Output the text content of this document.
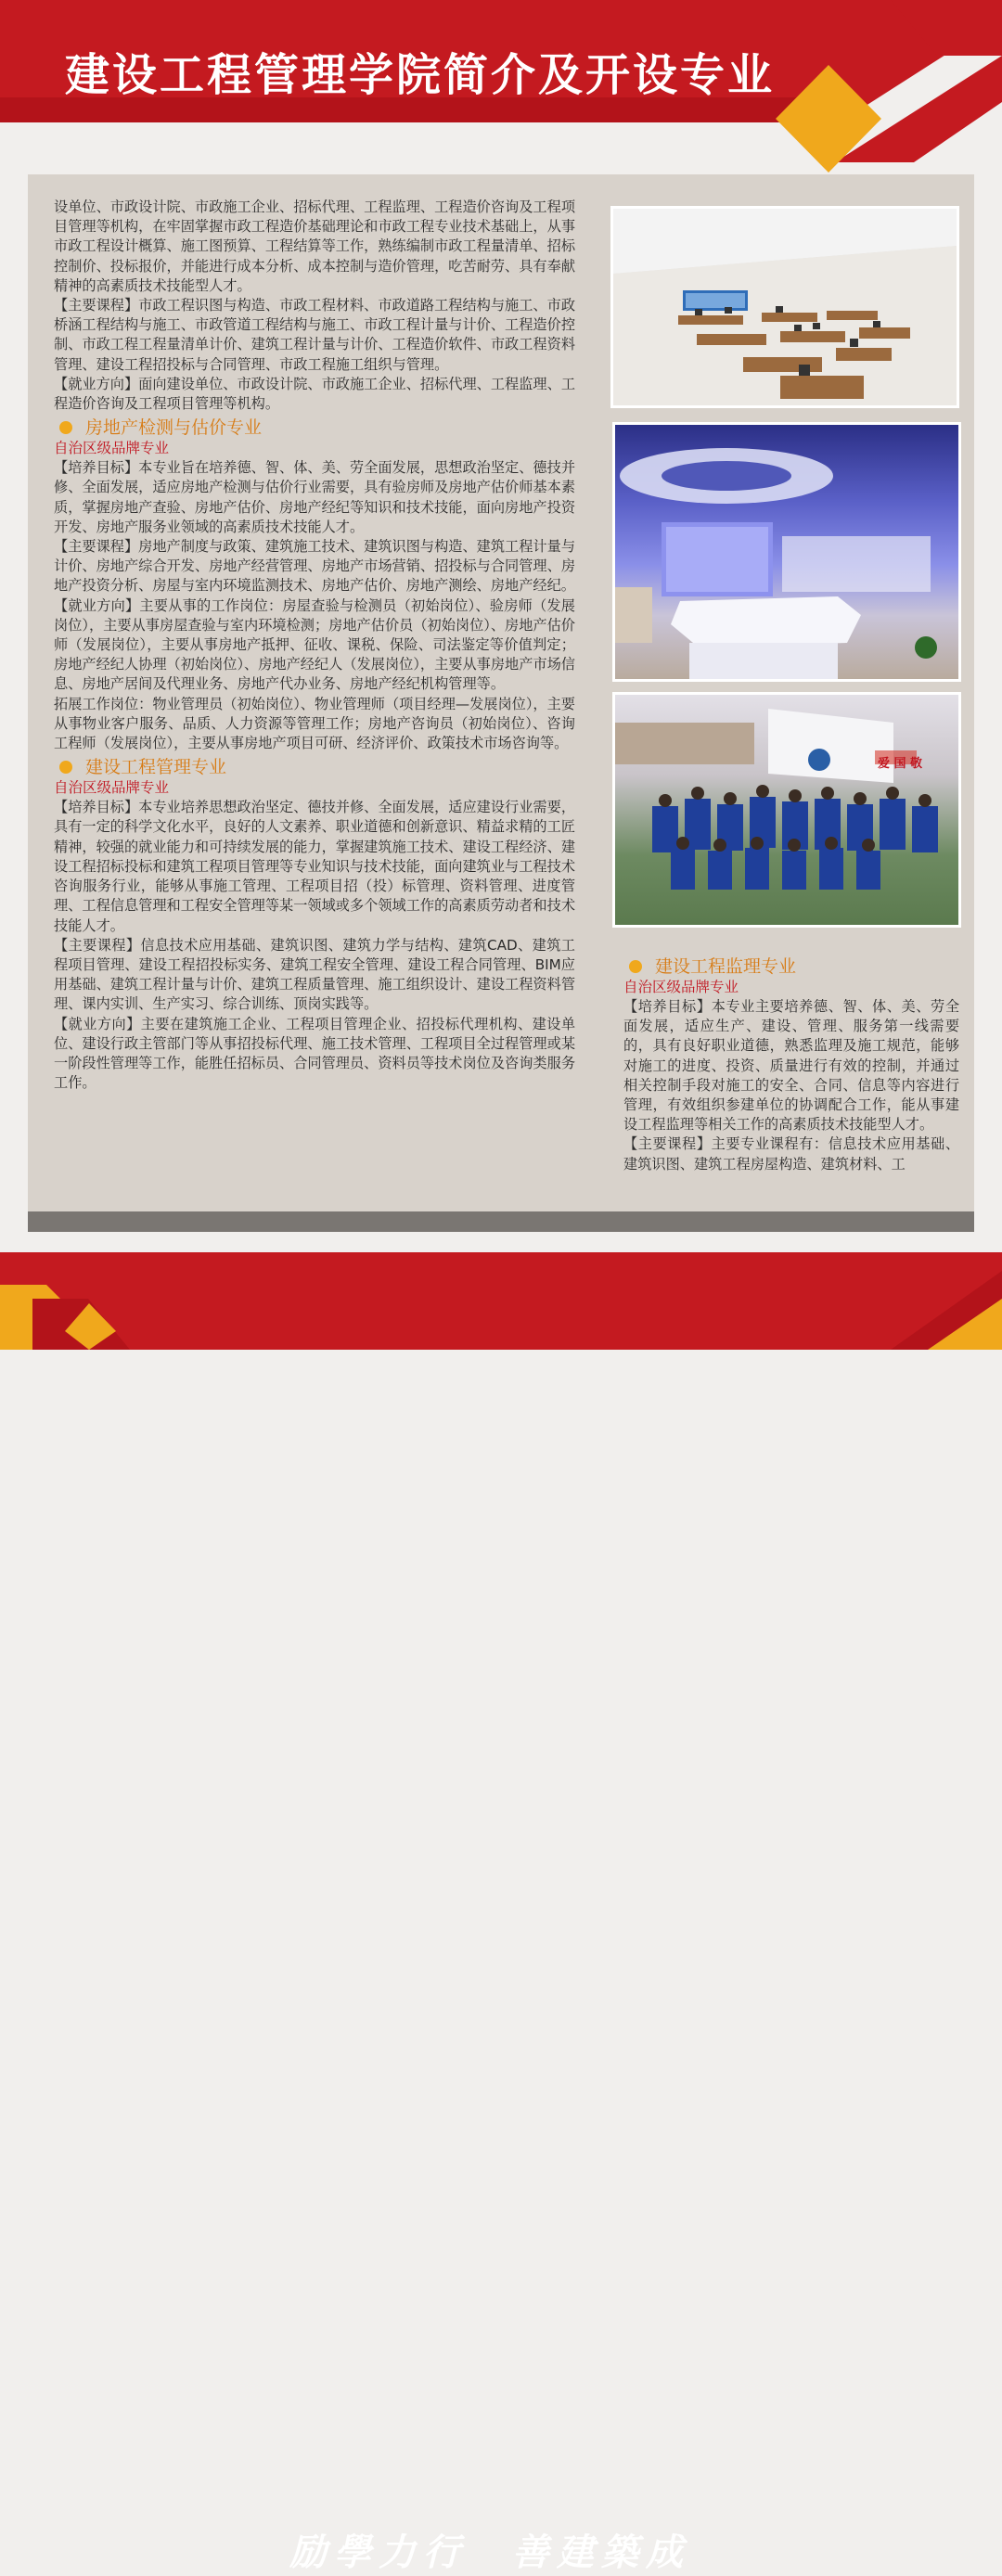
建设工程管理学院简介及开设专业

设单位、市政设计院、市政施工企业、招标代理、工程监理、工程造价咨询及工程项目管理等机构，在牢固掌握市政工程造价基础理论和市政工程专业技术基础上，从事市政工程设计概算、施工图预算、工程结算等工作，熟练编制市政工程量清单、招标控制价、投标报价，并能进行成本分析、成本控制与造价管理，吃苦耐劳、具有奉献精神的高素质技术技能型人才。

【主要课程】市政工程识图与构造、市政工程材料、市政道路工程结构与施工、市政桥涵工程结构与施工、市政管道工程结构与施工、市政工程计量与计价、工程造价控制、市政工程工程量清单计价、建筑工程计量与计价、工程造价软件、市政工程资料管理、建设工程招投标与合同管理、市政工程施工组织与管理。

【就业方向】面向建设单位、市政设计院、市政施工企业、招标代理、工程监理、工程造价咨询及工程项目管理等机构。

房地产检测与估价专业
自治区级品牌专业

【培养目标】本专业旨在培养德、智、体、美、劳全面发展，思想政治坚定、德技并修、全面发展，适应房地产检测与估价行业需要，具有验房师及房地产估价师基本素质，掌握房地产查验、房地产估价、房地产经纪等知识和技术技能，面向房地产投资开发、房地产服务业领域的高素质技术技能人才。

【主要课程】房地产制度与政策、建筑施工技术、建筑识图与构造、建筑工程计量与计价、房地产综合开发、房地产经营管理、房地产市场营销、招投标与合同管理、房地产投资分析、房屋与室内环境监测技术、房地产估价、房地产测绘、房地产经纪。

【就业方向】主要从事的工作岗位：房屋查验与检测员（初始岗位）、验房师（发展岗位），主要从事房屋查验与室内环境检测；房地产估价员（初始岗位）、房地产估价师（发展岗位），主要从事房地产抵押、征收、课税、保险、司法鉴定等价值判定；房地产经纪人协理（初始岗位）、房地产经纪人（发展岗位），主要从事房地产市场信息、房地产居间及代理业务、房地产代办业务、房地产经纪机构管理等。

拓展工作岗位：物业管理员（初始岗位）、物业管理师（项目经理—发展岗位），主要从事物业客户服务、品质、人力资源等管理工作；房地产咨询员（初始岗位）、咨询工程师（发展岗位），主要从事房地产项目可研、经济评价、政策技术市场咨询等。

建设工程管理专业
自治区级品牌专业

【培养目标】本专业培养思想政治坚定、德技并修、全面发展，适应建设行业需要，具有一定的科学文化水平，良好的人文素养、职业道德和创新意识、精益求精的工匠精神，较强的就业能力和可持续发展的能力，掌握建筑施工技术、建设工程经济、建设工程招标投标和建筑工程项目管理等专业知识与技术技能，面向建筑业与工程技术咨询服务行业，能够从事施工管理、工程项目招（投）标管理、资料管理、进度管理、工程信息管理和工程安全管理等某一领域或多个领域工作的高素质劳动者和技术技能人才。

【主要课程】信息技术应用基础、建筑识图、建筑力学与结构、建筑CAD、建筑工程项目管理、建设工程招投标实务、建筑工程安全管理、建设工程合同管理、BIM应用基础、建筑工程计量与计价、建筑工程质量管理、施工组织设计、建设工程资料管理、课内实训、生产实习、综合训练、顶岗实践等。

【就业方向】主要在建筑施工企业、工程项目管理企业、招投标代理机构、建设单位、建设行政主管部门等从事招投标代理、施工技术管理、工程项目全过程管理或某一阶段性管理等工作，能胜任招标员、合同管理员、资料员等技术岗位及咨询类服务工作。

爱 国 敬
建设工程监理专业
自治区级品牌专业

【培养目标】本专业主要培养德、智、体、美、劳全面发展，适应生产、建设、管理、服务第一线需要的，具有良好职业道德，熟悉监理及施工规范，能够对施工的进度、投资、质量进行有效的控制，并通过相关控制手段对施工的安全、合同、信息等内容进行管理，有效组织参建单位的协调配合工作，能从事建设工程监理等相关工作的高素质技术技能型人才。

【主要课程】主要专业课程有：信息技术应用基础、建筑识图、建筑工程房屋构造、建筑材料、工

励學力行　善建築成
